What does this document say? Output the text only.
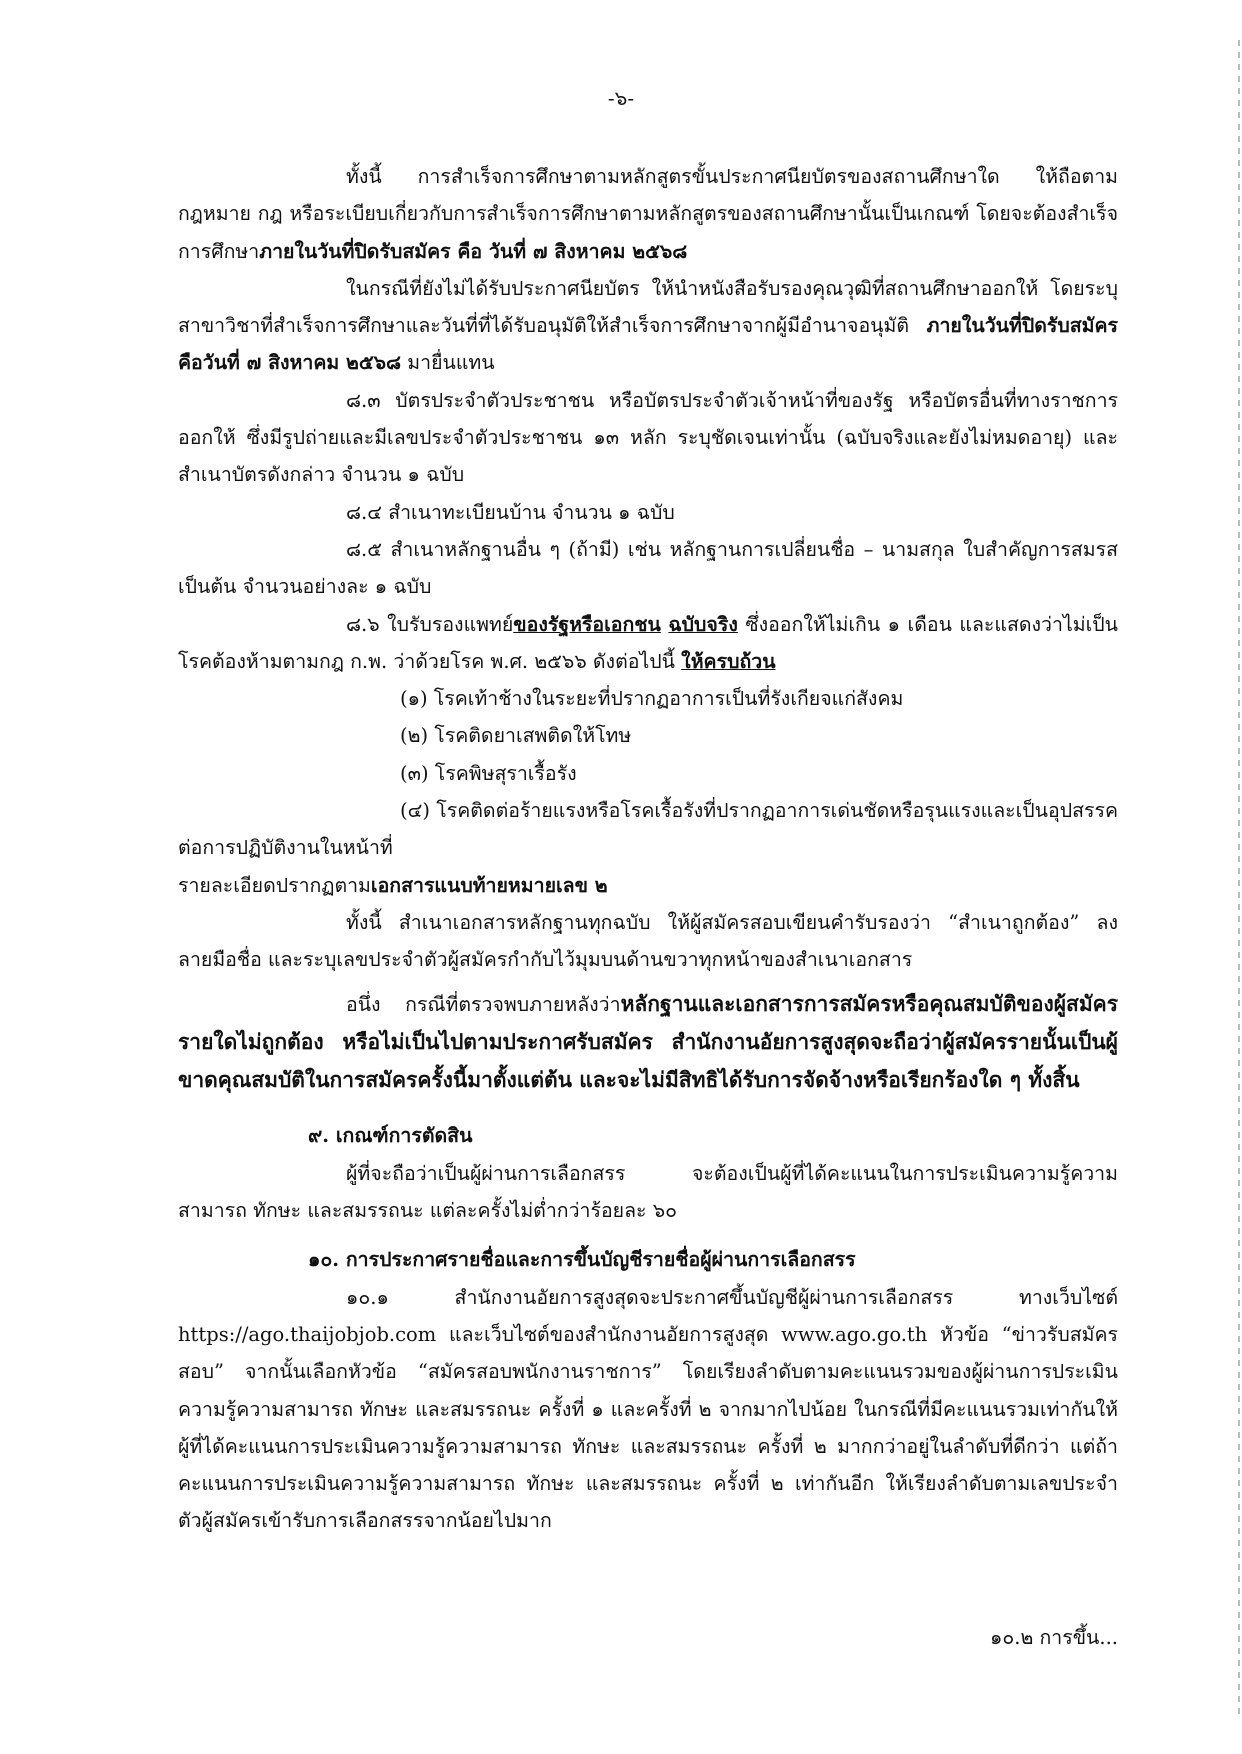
-๖-

ทั้งนี้ การสำเร็จการศึกษาตามหลักสูตรขั้นประกาศนียบัตรของสถานศึกษาใด ให้ถือตามกฎหมาย กฎ หรือระเบียบเกี่ยวกับการสำเร็จการศึกษาตามหลักสูตรของสถานศึกษานั้นเป็นเกณฑ์ โดยจะต้องสำเร็จการศึกษาภายในวันที่ปิดรับสมัคร คือ วันที่ ๗ สิงหาคม ๒๕๖๘

ในกรณีที่ยังไม่ได้รับประกาศนียบัตร ให้นำหนังสือรับรองคุณวุฒิที่สถานศึกษาออกให้ โดยระบุสาขาวิชาที่สำเร็จการศึกษาและวันที่ที่ได้รับอนุมัติให้สำเร็จการศึกษาจากผู้มีอำนาจอนุมัติ ภายในวันที่ปิดรับสมัคร คือวันที่ ๗ สิงหาคม ๒๕๖๘ มายื่นแทน

๘.๓ บัตรประจำตัวประชาชน หรือบัตรประจำตัวเจ้าหน้าที่ของรัฐ หรือบัตรอื่นที่ทางราชการออกให้ ซึ่งมีรูปถ่ายและมีเลขประจำตัวประชาชน ๑๓ หลัก ระบุชัดเจนเท่านั้น (ฉบับจริงและยังไม่หมดอายุ) และสำเนาบัตรดังกล่าว จำนวน ๑ ฉบับ

๘.๔ สำเนาทะเบียนบ้าน จำนวน ๑ ฉบับ

๘.๕ สำเนาหลักฐานอื่น ๆ (ถ้ามี) เช่น หลักฐานการเปลี่ยนชื่อ – นามสกุล ใบสำคัญการสมรส เป็นต้น จำนวนอย่างละ ๑ ฉบับ

๘.๖ ใบรับรองแพทย์ของรัฐหรือเอกชน ฉบับจริง ซึ่งออกให้ไม่เกิน ๑ เดือน และแสดงว่าไม่เป็นโรคต้องห้ามตามกฎ ก.พ. ว่าด้วยโรค พ.ศ. ๒๕๖๖ ดังต่อไปนี้ ให้ครบถ้วน

(๑) โรคเท้าช้างในระยะที่ปรากฏอาการเป็นที่รังเกียจแก่สังคม

(๒) โรคติดยาเสพติดให้โทษ

(๓) โรคพิษสุราเรื้อรัง

(๔) โรคติดต่อร้ายแรงหรือโรคเรื้อรังที่ปรากฏอาการเด่นชัดหรือรุนแรงและเป็นอุปสรรคต่อการปฏิบัติงานในหน้าที่

รายละเอียดปรากฏตามเอกสารแนบท้ายหมายเลข ๒

ทั้งนี้ สำเนาเอกสารหลักฐานทุกฉบับ ให้ผู้สมัครสอบเขียนคำรับรองว่า “สำเนาถูกต้อง” ลงลายมือชื่อ และระบุเลขประจำตัวผู้สมัครกำกับไว้มุมบนด้านขวาทุกหน้าของสำเนาเอกสาร

อนึ่ง กรณีที่ตรวจพบภายหลังว่าหลักฐานและเอกสารการสมัครหรือคุณสมบัติของผู้สมัครรายใดไม่ถูกต้อง หรือไม่เป็นไปตามประกาศรับสมัคร สำนักงานอัยการสูงสุดจะถือว่าผู้สมัครรายนั้นเป็นผู้ขาดคุณสมบัติในการสมัครครั้งนี้มาตั้งแต่ต้น และจะไม่มีสิทธิได้รับการจัดจ้างหรือเรียกร้องใด ๆ ทั้งสิ้น

๙. เกณฑ์การตัดสิน

ผู้ที่จะถือว่าเป็นผู้ผ่านการเลือกสรร จะต้องเป็นผู้ที่ได้คะแนนในการประเมินความรู้ความสามารถ ทักษะ และสมรรถนะ แต่ละครั้งไม่ต่ำกว่าร้อยละ ๖๐

๑๐. การประกาศรายชื่อและการขึ้นบัญชีรายชื่อผู้ผ่านการเลือกสรร

๑๐.๑ สำนักงานอัยการสูงสุดจะประกาศขึ้นบัญชีผู้ผ่านการเลือกสรร ทางเว็บไซต์ https://ago.thaijobjob.com และเว็บไซต์ของสำนักงานอัยการสูงสุด www.ago.go.th หัวข้อ “ข่าวรับสมัครสอบ” จากนั้นเลือกหัวข้อ “สมัครสอบพนักงานราชการ” โดยเรียงลำดับตามคะแนนรวมของผู้ผ่านการประเมินความรู้ความสามารถ ทักษะ และสมรรถนะ ครั้งที่ ๑ และครั้งที่ ๒ จากมากไปน้อย ในกรณีที่มีคะแนนรวมเท่ากันให้ผู้ที่ได้คะแนนการประเมินความรู้ความสามารถ ทักษะ และสมรรถนะ ครั้งที่ ๒ มากกว่าอยู่ในลำดับที่ดีกว่า แต่ถ้าคะแนนการประเมินความรู้ความสามารถ ทักษะ และสมรรถนะ ครั้งที่ ๒ เท่ากันอีก ให้เรียงลำดับตามเลขประจำตัวผู้สมัครเข้ารับการเลือกสรรจากน้อยไปมาก

๑๐.๒ การขึ้น...
